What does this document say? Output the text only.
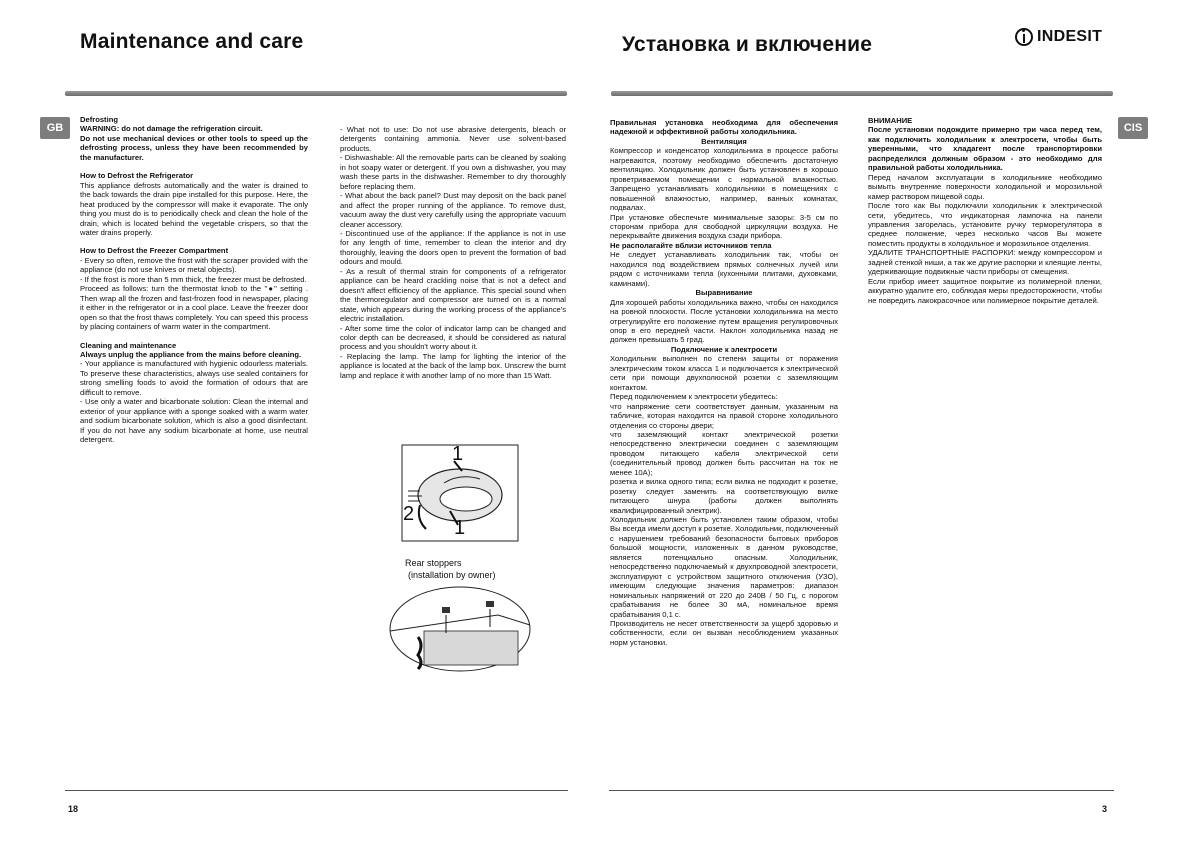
Maintenance and care
GB

Defrosting

WARNING: do not damage the refrigeration circuit.

Do not use mechanical devices or other tools to speed up the defrosting process, unless they have been recommended by the manufacturer.

How to Defrost the Refrigerator

This appliance defrosts automatically and the water is drained to the back towards the drain pipe installed for this purpose. Here, the heat produced by the compressor will make it evaporate. The only thing you must do is to periodically check and clean the hole of the drain, which is located behind the vegetable crispers, so that the water drains properly.

How to Defrost the Freezer Compartment

- Every so often, remove the frost with the scraper provided with the appliance (do not use knives or metal objects).

- If the frost is more than 5 mm thick, the freezer must be defrosted.

Proceed as follows: turn the thermostat knob to the "●" setting . Then wrap all the frozen and fast-frozen food in newspaper, placing it either in the refrigerator or in a cool place. Leave the freezer door open so that the frost thaws completely. You can speed this process by placing containers of warm water in the compartment.

Cleaning and maintenance

Always unplug the appliance from the mains before cleaning.

- Your appliance is manufactured with hygienic odourless materials. To preserve these characteristics, always use sealed containers for strong smelling foods to avoid the formation of odours that are difficult to remove.

- Use only a water and bicarbonate solution: Clean the internal and exterior of your appliance with a sponge soaked with a warm water and sodium bicarbonate solution, which is also a good disinfectant. If you do not have any sodium bicarbonate at home, use neutral detergent.

- What not to use: Do not use abrasive detergents, bleach or detergents containing ammonia. Never use solvent-based products.

- Dishwashable: All the removable parts can be cleaned by soaking in hot soapy water or detergent. If you own a dishwasher, you may wash these parts in the dishwasher. Remember to dry thoroughly before replacing them.

- What about the back panel? Dust may deposit on the back panel and affect the proper running of the appliance. To remove dust, vacuum away the dust very carefully using the appropriate vacuum cleaner accessory.

- Discontinued use of the appliance: If the appliance is not in use for any length of time, remember to clean the interior and dry thoroughly, leaving the doors open to prevent the formation of bad odours and mould.

- As a result of thermal strain for components of a refrigerator appliance can be heard crackling noise that is not a defect and doesn't affect efficiency of the appliance. This special sound when the thermoregulator and compressor are turned on is a normal state, which appears during the working process of the appliance's electric installation.

- After some time the color of indicator lamp can be changed and color depth can be decreased, it should be considered as natural process and you shouldn't worry about it.

- Replacing the lamp. The lamp for lighting the interior of the appliance is located at the back of the lamp box. Unscrew the burnt lamp and replace it with another lamp of no more than 15 Watt.

1
2
1
Rear stoppers
(installation by owner)
18
Установка и включение	INDESIT
CIS

Правильная установка необходима для обеспечения надежной и эффективной работы холодильника.

Вентиляция

Компрессор и конденсатор холодильника в процессе работы нагреваются, поэтому необходимо обеспечить достаточную вентиляцию. Холодильник должен быть установлен в хорошо проветриваемом помещении с нормальной влажностью. Запрещено устанавливать холодильники в помещениях с повышенной влажностью, например, ванных комнатах, подвалах.

При установке обеспечьте минимальные зазоры: 3-5 см по сторонам прибора для свободной циркуляции воздуха. Не перекрывайте движения воздуха сзади прибора.

Не располагайте вблизи источников тепла

Не следует устанавливать холодильник так, чтобы он находился под воздействием прямых солнечных лучей или рядом с источниками тепла (кухонными плитами, духовками, каминами).

Выравнивание

Для хорошей работы холодильника важно, чтобы он находился на ровной плоскости. После установки холодильника на место отрегулируйте его положение путем вращения регулировочных опор в его передней части. Наклон холодильника назад не должен превышать 5 град.

Подключение к электросети

Холодильник выполнен по степени защиты от поражения электрическим током класса 1 и подключается к электрической сети при помощи двухполюсной розетки с заземляющим контактом.

Перед подключением к электросети убедитесь:

что напряжение сети соответствует данным, указанным на табличке, которая находится на правой стороне холодильного отделения со стороны двери;

что заземляющий контакт электрической розетки непосредственно электрически соединен с заземляющим проводом питающего кабеля электрической сети (соединительный провод должен быть рассчитан на ток не менее 10А);

розетка и вилка одного типа; если вилка не подходит к розетке, розетку следует заменить на соответствующую вилке питающего шнура (работы должен выполнять квалифицированный электрик).

Холодильник должен быть установлен таким образом, чтобы Вы всегда имели доступ к розетке. Холодильник, подключенный с нарушением требований безопасности бытовых приборов большой мощности, изложенных в данном руководстве, является потенциально опасным. Холодильник, непосредственно подключаемый к двухпроводной электросети, эксплуатируют с устройством защитного отключения (УЗО), имеющим следующие значения параметров: диапазон номинальных напряжений от 220 до 240В / 50 Гц, с порогом срабатывания не более 30 мА, номинальное время срабатывания 0,1 с.

Производитель не несет ответственности за ущерб здоровью и собственности, если он вызван несоблюдением указанных норм установки.

ВНИМАНИЕ

После установки подождите примерно три часа перед тем, как подключить холодильник к электросети, чтобы быть уверенными, что хладагент после транспортировки распределился должным образом - это необходимо для правильной работы холодильника.

Перед началом эксплуатации в холодильнике необходимо вымыть внутренние поверхности холодильной и морозильной камер раствором пищевой соды.

После того как Вы подключили холодильник к электрической сети, убедитесь, что индикаторная лампочка на панели управления загорелась, установите ручку терморегулятора в среднее положение, через несколько часов Вы можете поместить продукты в холодильное и морозильное отделения.

УДАЛИТЕ ТРАНСПОРТНЫЕ РАСПОРКИ: между компрессором и задней стенкой ниши, а так же другие распорки и клеящие ленты, удерживающие подвижные части приборы от смещения.

Если прибор имеет защитное покрытие из полимерной пленки, аккуратно удалите его, соблюдая меры предосторожности, чтобы не повредить лакокрасочное или полимерное покрытие деталей.

3
